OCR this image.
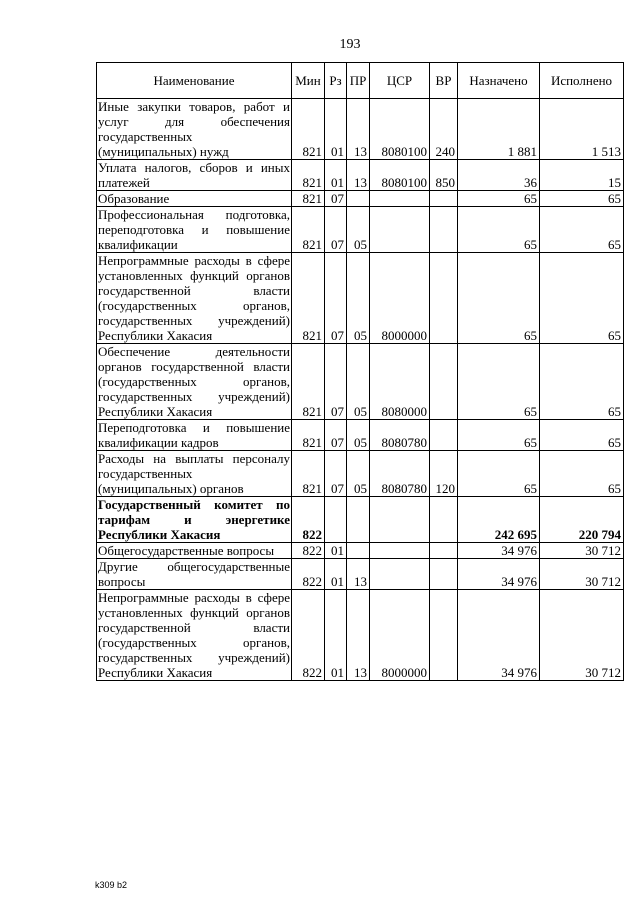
193
Наименование	Мин	Рз	ПР	ЦСР	ВР	Назначено	Исполнено
Иные закупки товаров, работ и услуг для обеспечения государственных (муниципальных) нужд	821	01	13	8080100	240	1 881	1 513
Уплата налогов, сборов и иных платежей	821	01	13	8080100	850	36	15
Образование	821	07				65	65
Профессиональная подготовка, переподготовка и повышение квалификации	821	07	05			65	65
Непрограммные расходы в сфере установленных функций органов государственной власти (государственных органов, государственных учреждений) Республики Хакасия	821	07	05	8000000		65	65
Обеспечение деятельности органов государственной власти (государственных органов, государственных учреждений) Республики Хакасия	821	07	05	8080000		65	65
Переподготовка и повышение квалификации кадров	821	07	05	8080780		65	65
Расходы на выплаты персоналу государственных (муниципальных) органов	821	07	05	8080780	120	65	65
Государственный комитет по тарифам и энергетике Республики Хакасия	822					242 695	220 794
Общегосударственные вопросы	822	01				34 976	30 712
Другие общегосударственные вопросы	822	01	13			34 976	30 712
Непрограммные расходы в сфере установленных функций органов государственной власти (государственных органов, государственных учреждений) Республики Хакасия	822	01	13	8000000		34 976	30 712
k309 b2
